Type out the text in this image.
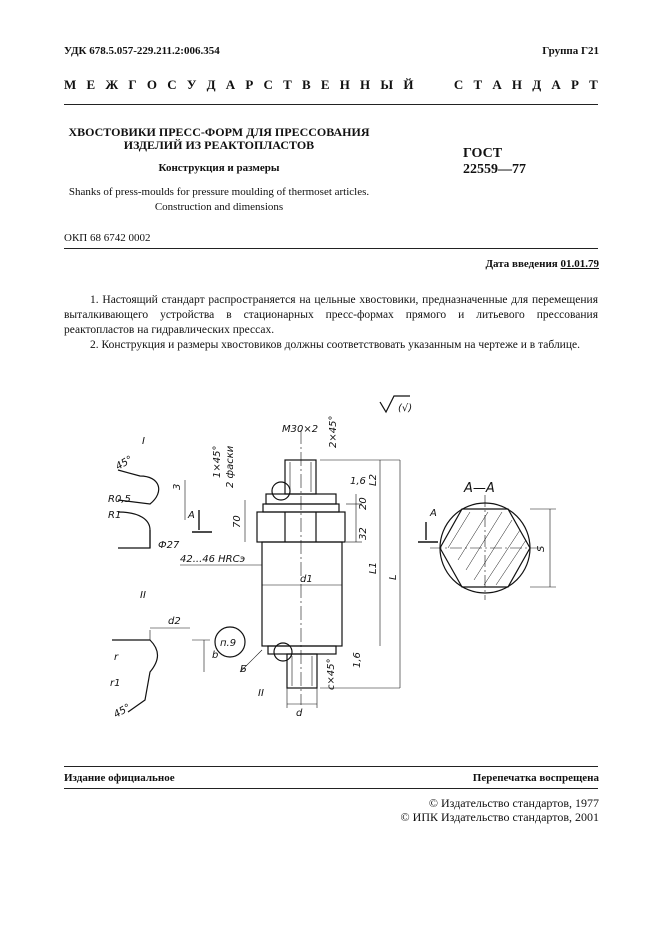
УДК 678.5.057-229.211.2:006.354	Группа Г21
М Е Ж Г О С У Д А Р С Т В Е Н Н Ы Й	С Т А Н Д А Р Т
ХВОСТОВИКИ ПРЕСС-ФОРМ ДЛЯ ПРЕССОВАНИЯ
ИЗДЕЛИЙ ИЗ РЕАКТОПЛАСТОВ
Конструкция и размеры
Shanks of press-moulds for pressure moulding of thermoset articles.
Construction and dimensions
ГОСТ
22559—77
ОКП 68 6742 0002
Дата введения 01.01.79
1. Настоящий стандарт распространяется на цельные хвостовики, предназначенные для перемещения выталкивающего устройства в стационарных пресс-формах прямого и литьевого прессования реактопластов на гидравлических прессах.
2. Конструкция и размеры хвостовиков должны соответствовать указанным на чертеже и в таблице.
(√)
М30×2 2×45°
1×45° 2 фаски
I
45°
R0,5
R1
3
Ф27
42...46 HRCэ
70
1,6 L2
20
32
L1
L
d1
d
d2
b
II
r
r1
45°
п.9
Б
II
c×45° 1,6
А	А
А—А
S
Издание официальное	Перепечатка воспрещена
© Издательство стандартов, 1977
© ИПК Издательство стандартов, 2001
